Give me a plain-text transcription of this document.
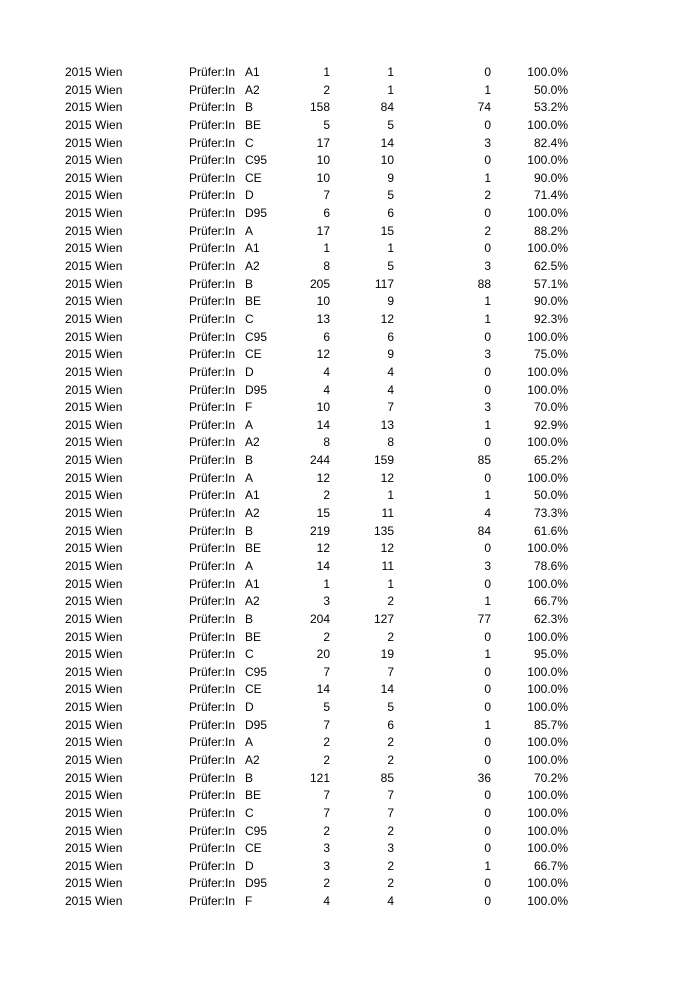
2015 Wien	Prüfer:In A1	1	1	0	100.0%
2015 Wien	Prüfer:In A2	2	1	1	50.0%
2015 Wien	Prüfer:In B	158	84	74	53.2%
2015 Wien	Prüfer:In BE	5	5	0	100.0%
2015 Wien	Prüfer:In C	17	14	3	82.4%
2015 Wien	Prüfer:In C95	10	10	0	100.0%
2015 Wien	Prüfer:In CE	10	9	1	90.0%
2015 Wien	Prüfer:In D	7	5	2	71.4%
2015 Wien	Prüfer:In D95	6	6	0	100.0%
2015 Wien	Prüfer:In A	17	15	2	88.2%
2015 Wien	Prüfer:In A1	1	1	0	100.0%
2015 Wien	Prüfer:In A2	8	5	3	62.5%
2015 Wien	Prüfer:In B	205	117	88	57.1%
2015 Wien	Prüfer:In BE	10	9	1	90.0%
2015 Wien	Prüfer:In C	13	12	1	92.3%
2015 Wien	Prüfer:In C95	6	6	0	100.0%
2015 Wien	Prüfer:In CE	12	9	3	75.0%
2015 Wien	Prüfer:In D	4	4	0	100.0%
2015 Wien	Prüfer:In D95	4	4	0	100.0%
2015 Wien	Prüfer:In F	10	7	3	70.0%
2015 Wien	Prüfer:In A	14	13	1	92.9%
2015 Wien	Prüfer:In A2	8	8	0	100.0%
2015 Wien	Prüfer:In B	244	159	85	65.2%
2015 Wien	Prüfer:In A	12	12	0	100.0%
2015 Wien	Prüfer:In A1	2	1	1	50.0%
2015 Wien	Prüfer:In A2	15	11	4	73.3%
2015 Wien	Prüfer:In B	219	135	84	61.6%
2015 Wien	Prüfer:In BE	12	12	0	100.0%
2015 Wien	Prüfer:In A	14	11	3	78.6%
2015 Wien	Prüfer:In A1	1	1	0	100.0%
2015 Wien	Prüfer:In A2	3	2	1	66.7%
2015 Wien	Prüfer:In B	204	127	77	62.3%
2015 Wien	Prüfer:In BE	2	2	0	100.0%
2015 Wien	Prüfer:In C	20	19	1	95.0%
2015 Wien	Prüfer:In C95	7	7	0	100.0%
2015 Wien	Prüfer:In CE	14	14	0	100.0%
2015 Wien	Prüfer:In D	5	5	0	100.0%
2015 Wien	Prüfer:In D95	7	6	1	85.7%
2015 Wien	Prüfer:In A	2	2	0	100.0%
2015 Wien	Prüfer:In A2	2	2	0	100.0%
2015 Wien	Prüfer:In B	121	85	36	70.2%
2015 Wien	Prüfer:In BE	7	7	0	100.0%
2015 Wien	Prüfer:In C	7	7	0	100.0%
2015 Wien	Prüfer:In C95	2	2	0	100.0%
2015 Wien	Prüfer:In CE	3	3	0	100.0%
2015 Wien	Prüfer:In D	3	2	1	66.7%
2015 Wien	Prüfer:In D95	2	2	0	100.0%
2015 Wien	Prüfer:In F	4	4	0	100.0%
